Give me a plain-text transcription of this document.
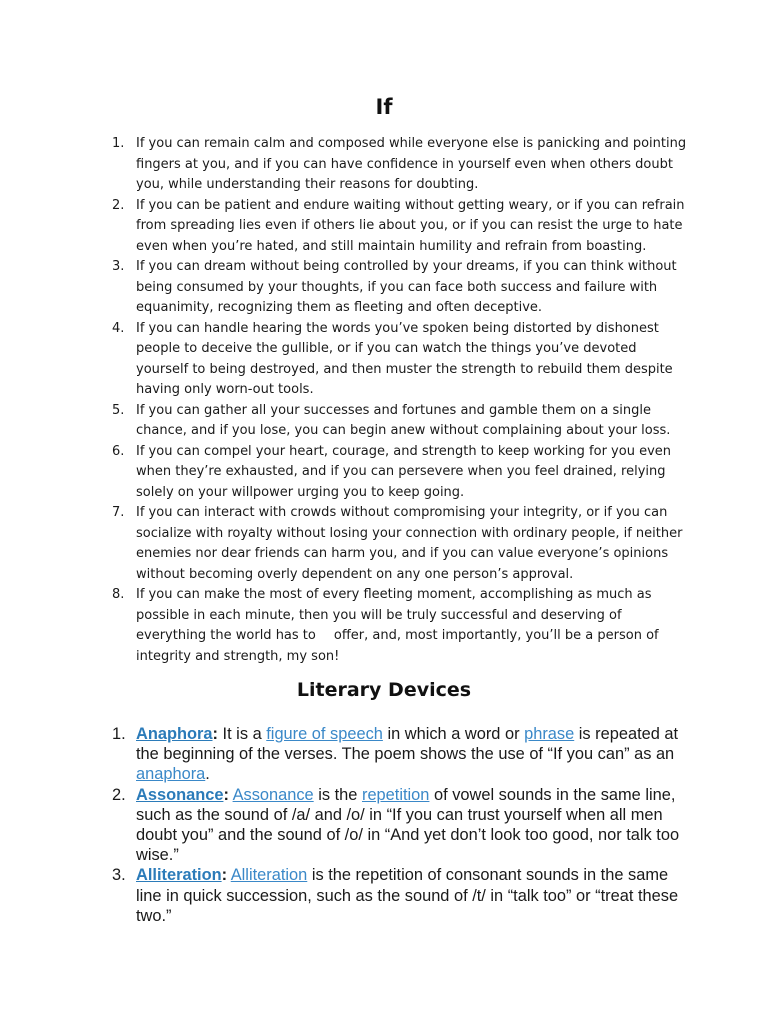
If
1. If you can remain calm and composed while everyone else is panicking and pointing fingers at you, and if you can have confidence in yourself even when others doubt you, while understanding their reasons for doubting.
2. If you can be patient and endure waiting without getting weary, or if you can refrain from spreading lies even if others lie about you, or if you can resist the urge to hate even when you’re hated, and still maintain humility and refrain from boasting.
3. If you can dream without being controlled by your dreams, if you can think without being consumed by your thoughts, if you can face both success and failure with equanimity, recognizing them as fleeting and often deceptive.
4. If you can handle hearing the words you’ve spoken being distorted by dishonest people to deceive the gullible, or if you can watch the things you’ve devoted yourself to being destroyed, and then muster the strength to rebuild them despite having only worn-out tools.
5. If you can gather all your successes and fortunes and gamble them on a single chance, and if you lose, you can begin anew without complaining about your loss.
6. If you can compel your heart, courage, and strength to keep working for you even when they’re exhausted, and if you can persevere when you feel drained, relying solely on your willpower urging you to keep going.
7. If you can interact with crowds without compromising your integrity, or if you can socialize with royalty without losing your connection with ordinary people, if neither enemies nor dear friends can harm you, and if you can value everyone’s opinions without becoming overly dependent on any one person’s approval.
8. If you can make the most of every fleeting moment, accomplishing as much as possible in each minute, then you will be truly successful and deserving of everything the world has to offer, and, most importantly, you’ll be a person of integrity and strength, my son!
Literary Devices
1. Anaphora: It is a figure of speech in which a word or phrase is repeated at the beginning of the verses. The poem shows the use of “If you can” as an anaphora.
2. Assonance: Assonance is the repetition of vowel sounds in the same line, such as the sound of /a/ and /o/ in “If you can trust yourself when all men doubt you” and the sound of /o/ in “And yet don’t look too good, nor talk too wise.”
3. Alliteration: Alliteration is the repetition of consonant sounds in the same line in quick succession, such as the sound of /t/ in “talk too” or “treat these two.”
